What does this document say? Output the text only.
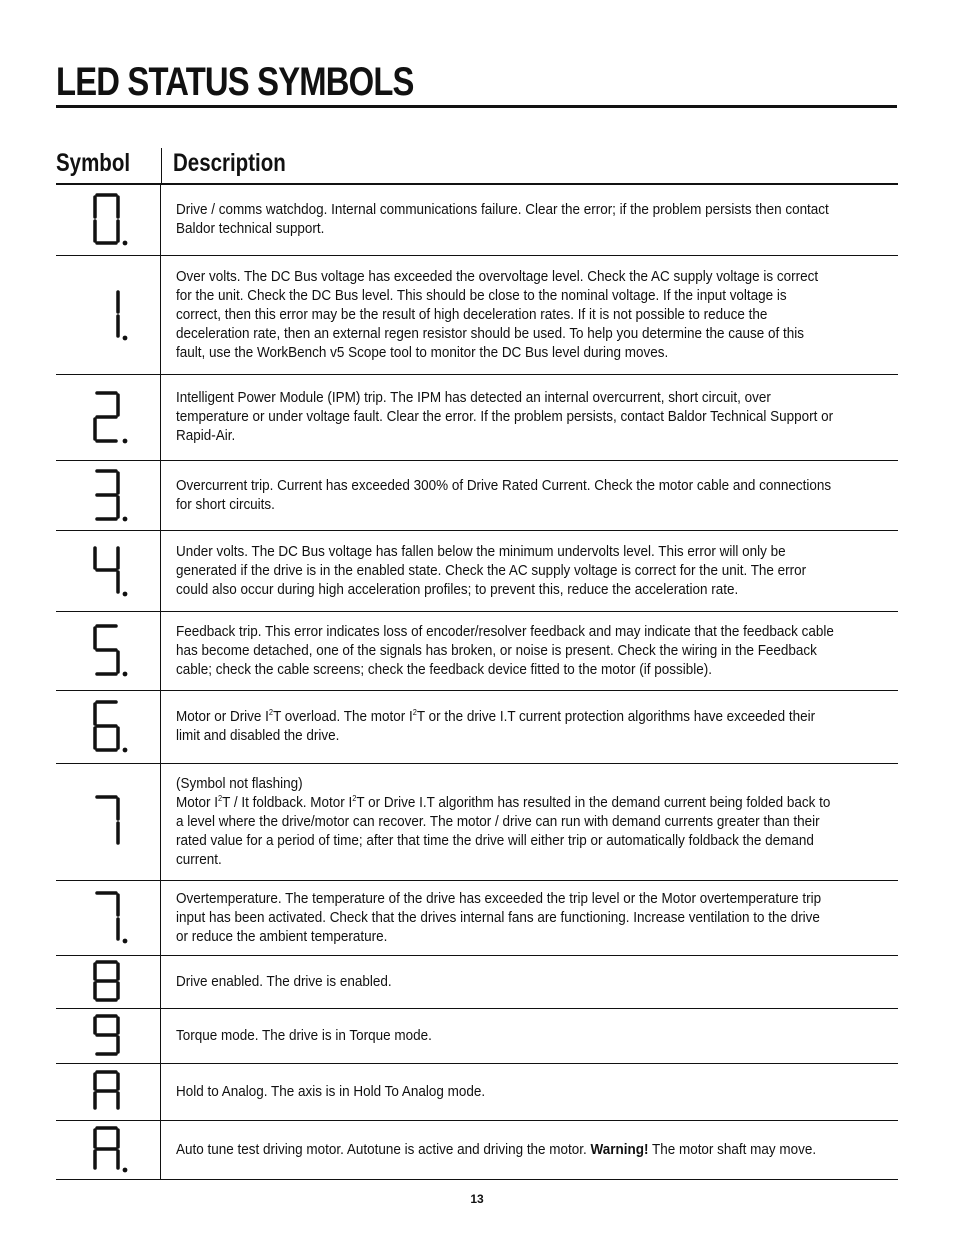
LED STATUS SYMBOLS
Symbol Description
Drive / comms watchdog. Internal communications failure. Clear the error; if the problem persists then contact Baldor technical support.
Over volts. The DC Bus voltage has exceeded the overvoltage level. Check the AC supply voltage is correct for the unit. Check the DC Bus level. This should be close to the nominal voltage. If the input voltage is correct, then this error may be the result of high deceleration rates. If it is not possible to reduce the deceleration rate, then an external regen resistor should be used. To help you determine the cause of this fault, use the WorkBench v5 Scope tool to monitor the DC Bus level during moves.
Intelligent Power Module (IPM) trip. The IPM has detected an internal overcurrent, short circuit, over temperature or under voltage fault. Clear the error. If the problem persists, contact Baldor Technical Support or Rapid-Air.
Overcurrent trip. Current has exceeded 300% of Drive Rated Current. Check the motor cable and connections for short circuits.
Under volts. The DC Bus voltage has fallen below the minimum undervolts level. This error will only be generated if the drive is in the enabled state. Check the AC supply voltage is correct for the unit. The error could also occur during high acceleration profiles; to prevent this, reduce the acceleration rate.
Feedback trip. This error indicates loss of encoder/resolver feedback and may indicate that the feedback cable has become detached, one of the signals has broken, or noise is present. Check the wiring in the Feedback cable; check the cable screens; check the feedback device fitted to the motor (if possible).
Motor or Drive $I^2T$ overload. The motor $I^2T$ or the drive I.T current protection algorithms have exceeded their limit and disabled the drive.
(Symbol not flashing)
Motor $I^2T$ / It foldback. Motor $I^2T$ or Drive I.T algorithm has resulted in the demand current being folded back to a level where the drive/motor can recover. The motor / drive can run with demand currents greater than their rated value for a period of time; after that time the drive will either trip or automatically foldback the demand current.
Overtemperature. The temperature of the drive has exceeded the trip level or the Motor overtemperature trip input has been activated. Check that the drives internal fans are functioning. Increase ventilation to the drive or reduce the ambient temperature.
Drive enabled. The drive is enabled.
Torque mode. The drive is in Torque mode.
Hold to Analog. The axis is in Hold To Analog mode.
Auto tune test driving motor. Autotune is active and driving the motor. Warning! The motor shaft may move.
13
